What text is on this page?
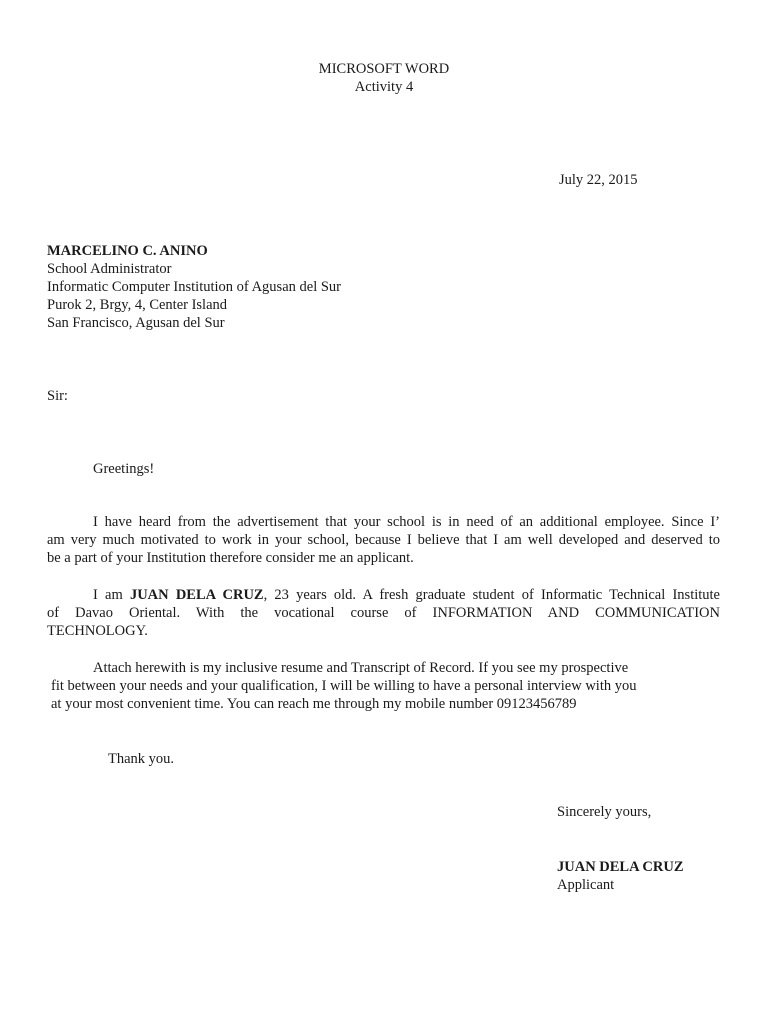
MICROSOFT WORD
Activity 4
July 22, 2015
MARCELINO C. ANINO
School Administrator
Informatic Computer Institution of Agusan del Sur
Purok 2, Brgy, 4, Center Island
San Francisco, Agusan del Sur
Sir:
Greetings!
I have heard from the advertisement that your school is in need of an additional employee. Since I’
am very much motivated to work in your school, because I believe that I am well developed and deserved to
be a part of your Institution therefore consider me an applicant.
I am JUAN DELA CRUZ, 23 years old. A fresh graduate student of Informatic Technical Institute
of Davao Oriental. With the vocational course of INFORMATION AND COMMUNICATION
TECHNOLOGY.
Attach herewith is my inclusive resume and Transcript of Record. If you see my prospective
fit between your needs and your qualification, I will be willing to have a personal interview with you
at your most convenient time. You can reach me through my mobile number 09123456789
Thank you.
Sincerely yours,
JUAN DELA CRUZ
Applicant
